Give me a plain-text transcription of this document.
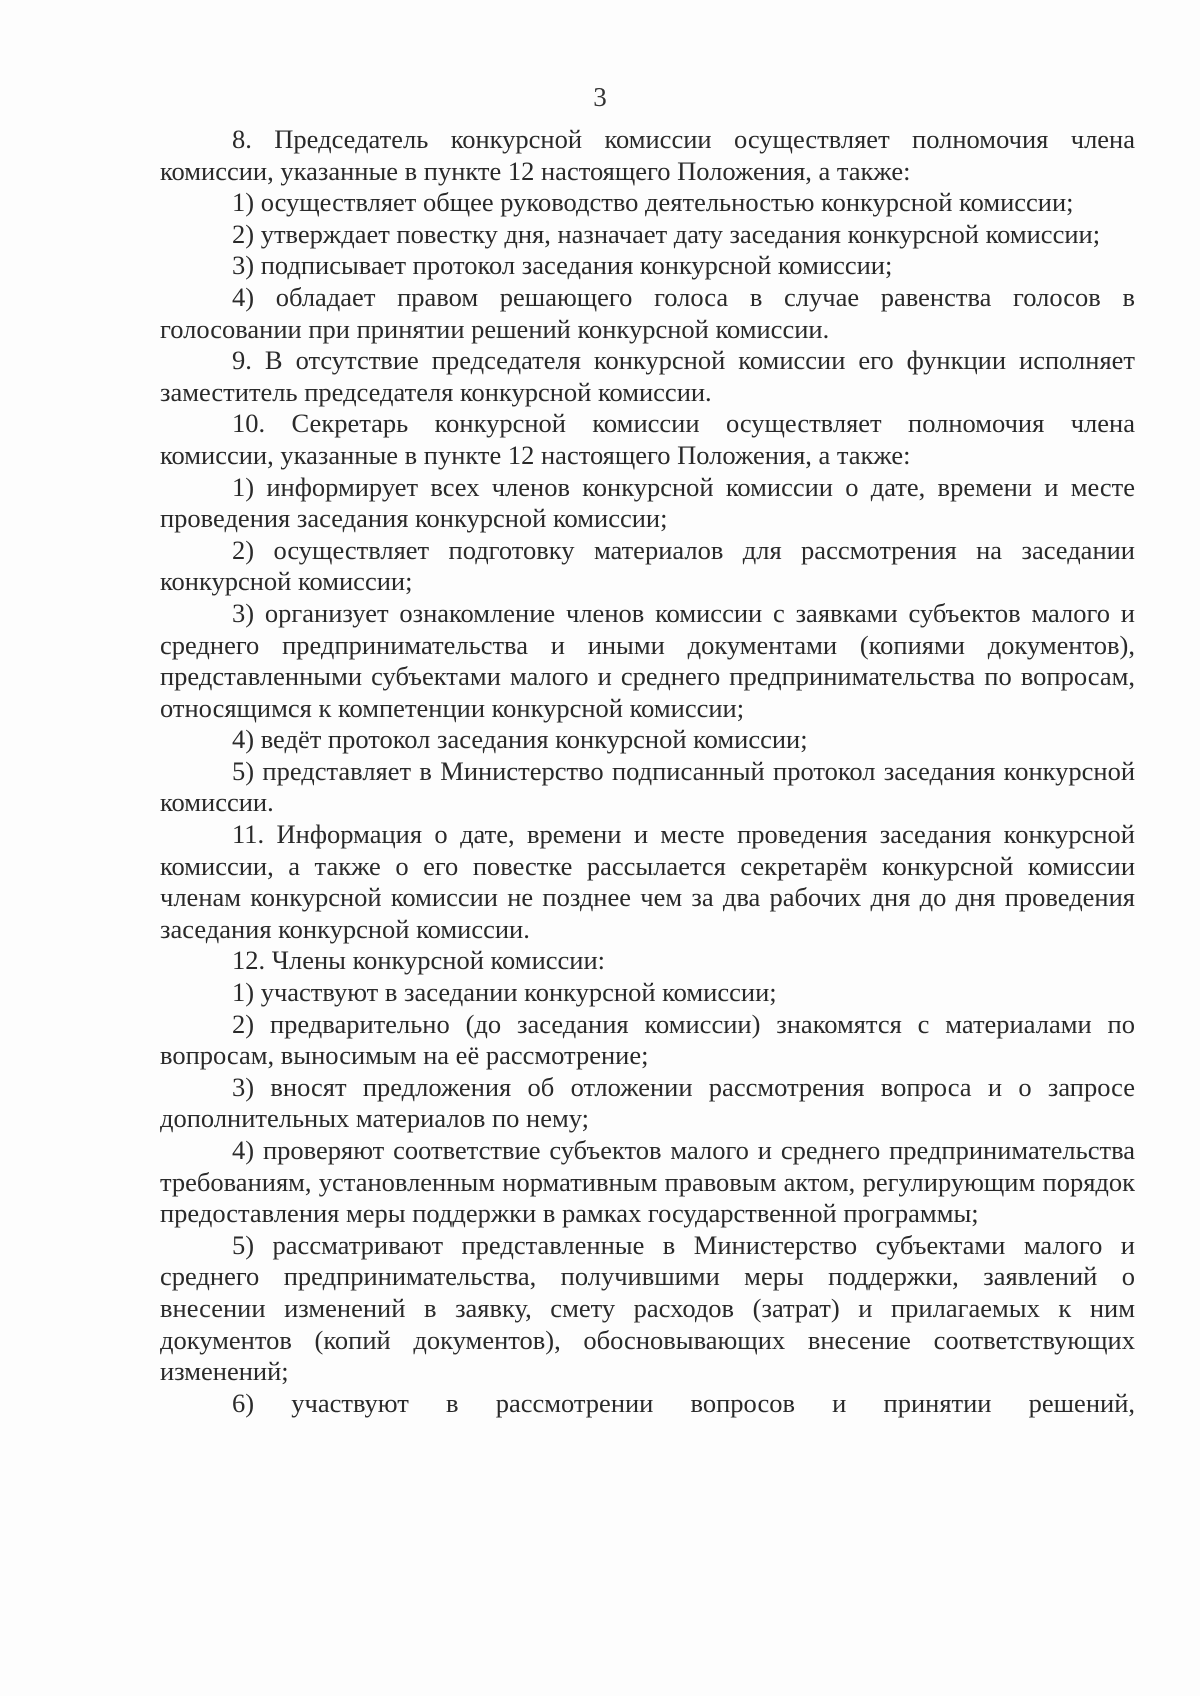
3

8. Председатель конкурсной комиссии осуществляет полномочия члена комиссии, указанные в пункте 12 настоящего Положения, а также:

1) осуществляет общее руководство деятельностью конкурсной комиссии;

2) утверждает повестку дня, назначает дату заседания конкурсной комиссии;

3) подписывает протокол заседания конкурсной комиссии;

4) обладает правом решающего голоса в случае равенства голосов в голосовании при принятии решений конкурсной комиссии.

9. В отсутствие председателя конкурсной комиссии его функции исполняет заместитель председателя конкурсной комиссии.

10. Секретарь конкурсной комиссии осуществляет полномочия члена комиссии, указанные в пункте 12 настоящего Положения, а также:

1) информирует всех членов конкурсной комиссии о дате, времени и месте проведения заседания конкурсной комиссии;

2) осуществляет подготовку материалов для рассмотрения на заседании конкурсной комиссии;

3) организует ознакомление членов комиссии с заявками субъектов малого и среднего предпринимательства и иными документами (копиями документов), представленными субъектами малого и среднего предпринимательства по вопросам, относящимся к компетенции конкурсной комиссии;

4) ведёт протокол заседания конкурсной комиссии;

5) представляет в Министерство подписанный протокол заседания конкурсной комиссии.

11. Информация о дате, времени и месте проведения заседания конкурсной комиссии, а также о его повестке рассылается секретарём конкурсной комиссии членам конкурсной комиссии не позднее чем за два рабочих дня до дня проведения заседания конкурсной комиссии.

12. Члены конкурсной комиссии:

1) участвуют в заседании конкурсной комиссии;

2) предварительно (до заседания комиссии) знакомятся с материалами по вопросам, выносимым на её рассмотрение;

3) вносят предложения об отложении рассмотрения вопроса и о запросе дополнительных материалов по нему;

4) проверяют соответствие субъектов малого и среднего предпринимательства требованиям, установленным нормативным правовым актом, регулирующим порядок предоставления меры поддержки в рамках государственной программы;

5) рассматривают представленные в Министерство субъектами малого и среднего предпринимательства, получившими меры поддержки, заявлений о внесении изменений в заявку, смету расходов (затрат) и прилагаемых к ним документов (копий документов), обосновывающих внесение соответствующих изменений;

6) участвуют в рассмотрении вопросов и принятии решений,
